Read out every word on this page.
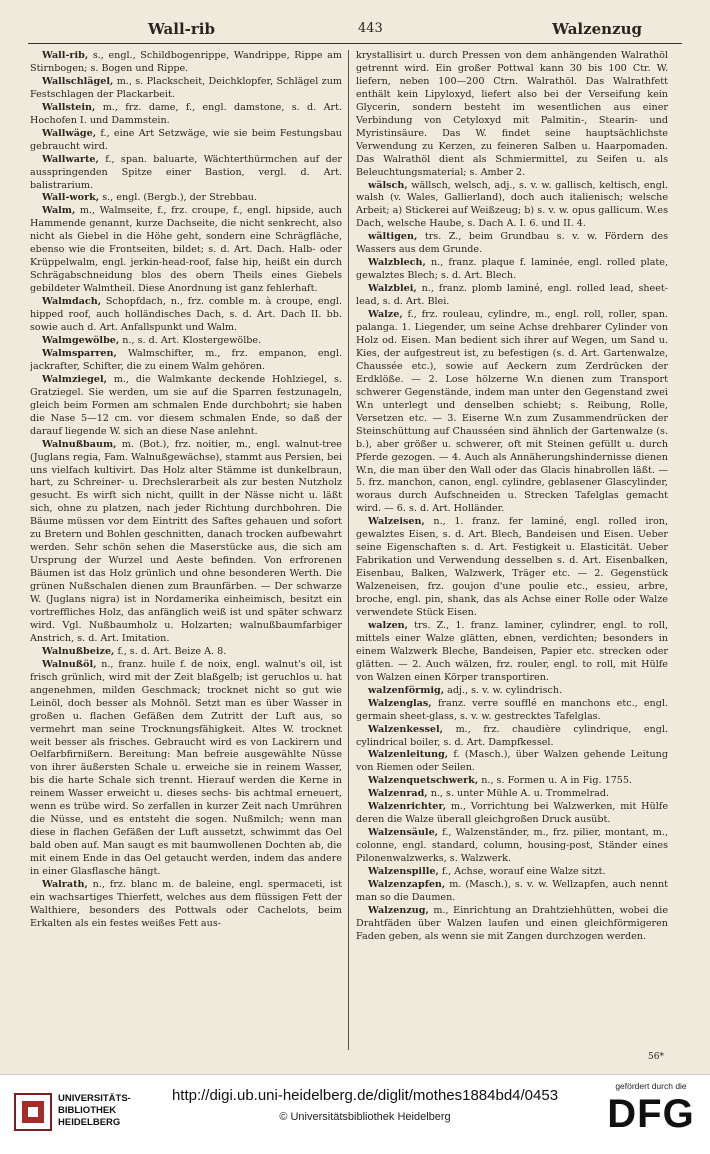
Wall-rib	443	Walzenzug

Wall-rib, s., engl., Schildbogenrippe, Wandrippe, Rippe am Stirnbogen; s. Bogen und Rippe.

Wallschlägel, m., s. Plackscheit, Deichklopfer, Schlägel zum Festschlagen der Plackarbeit.

Wallstein, m., frz. dame, f., engl. damstone, s. d. Art. Hochofen I. und Dammstein.

Wallwäge, f., eine Art Setzwäge, wie sie beim Festungsbau gebraucht wird.

Wallwarte, f., span. baluarte, Wächterthürmchen auf der ausspringenden Spitze einer Bastion, vergl. d. Art. balistrarium.

Wall-work, s., engl. (Bergb.), der Strebbau.

Walm, m., Walmseite, f., frz. croupe, f., engl. hipside, auch Hammende genannt, kurze Dachseite, die nicht senkrecht, also nicht als Giebel in die Höhe geht, sondern eine Schrägfläche, ebenso wie die Frontseiten, bildet; s. d. Art. Dach. Halb- oder Krüppelwalm, engl. jerkin-head-roof, false hip, heißt ein durch Schrägabschneidung blos des obern Theils eines Giebels gebildeter Walmtheil. Diese Anordnung ist ganz fehlerhaft.

Walmdach, Schopfdach, n., frz. comble m. à croupe, engl. hipped roof, auch holländisches Dach, s. d. Art. Dach II. bb. sowie auch d. Art. Anfallspunkt und Walm.

Walmgewölbe, n., s. d. Art. Klostergewölbe.

Walmsparren, Walmschifter, m., frz. empanon, engl. jackrafter, Schifter, die zu einem Walm gehören.

Walmziegel, m., die Walmkante deckende Hohlziegel, s. Gratziegel. Sie werden, um sie auf die Sparren festzunageln, gleich beim Formen am schmalen Ende durchbohrt; sie haben die Nase 5—12 cm. vor diesem schmalen Ende, so daß der darauf liegende W. sich an diese Nase anlehnt.

Walnußbaum, m. (Bot.), frz. noitier, m., engl. walnut-tree (Juglans regia, Fam. Walnußgewächse), stammt aus Persien, bei uns vielfach kultivirt. Das Holz alter Stämme ist dunkelbraun, hart, zu Schreiner- u. Drechslerarbeit als zur besten Nutzholz gesucht. Es wirft sich nicht, quillt in der Nässe nicht u. läßt sich, ohne zu platzen, nach jeder Richtung durchbohren. Die Bäume müssen vor dem Eintritt des Saftes gehauen und sofort zu Bretern und Bohlen geschnitten, danach trocken aufbewahrt werden. Sehr schön sehen die Maserstücke aus, die sich am Ursprung der Wurzel und Aeste befinden. Von erfrorenen Bäumen ist das Holz grünlich und ohne besonderen Werth. Die grünen Nußschalen dienen zum Braunfärben. — Der schwarze W. (Juglans nigra) ist in Nordamerika einheimisch, besitzt ein vortreffliches Holz, das anfänglich weiß ist und später schwarz wird. Vgl. Nußbaumholz u. Holzarten; walnußbaumfarbiger Anstrich, s. d. Art. Imitation.

Walnußbeize, f., s. d. Art. Beize A. 8.

Walnußöl, n., franz. huile f. de noix, engl. walnut's oil, ist frisch grünlich, wird mit der Zeit blaßgelb; ist geruchlos u. hat angenehmen, milden Geschmack; trocknet nicht so gut wie Leinöl, doch besser als Mohnöl. Setzt man es über Wasser in großen u. flachen Gefäßen dem Zutritt der Luft aus, so vermehrt man seine Trocknungsfähigkeit. Altes W. trocknet weit besser als frisches. Gebraucht wird es von Lackirern und Oelfarbfirnißern. Bereitung: Man befreie ausgewählte Nüsse von ihrer äußersten Schale u. erweiche sie in reinem Wasser, bis die harte Schale sich trennt. Hierauf werden die Kerne in reinem Wasser erweicht u. dieses sechs- bis achtmal erneuert, wenn es trübe wird. So zerfallen in kurzer Zeit nach Umrühren die Nüsse, und es entsteht die sogen. Nußmilch; wenn man diese in flachen Gefäßen der Luft aussetzt, schwimmt das Oel bald oben auf. Man saugt es mit baumwollenen Dochten ab, die mit einem Ende in das Oel getaucht werden, indem das andere in einer Glasflasche hängt.

Walrath, n., frz. blanc m. de baleine, engl. spermaceti, ist ein wachsartiges Thierfett, welches aus dem flüssigen Fett der Walthiere, besonders des Pottwals oder Cachelots, beim Erkalten als ein festes weißes Fett aus-

krystallisirt u. durch Pressen von dem anhängenden Walrathöl getrennt wird. Ein großer Pottwal kann 30 bis 100 Ctr. W. liefern, neben 100—200 Ctrn. Walrathöl. Das Walrathfett enthält kein Lipyloxyd, liefert also bei der Verseifung kein Glycerin, sondern besteht im wesentlichen aus einer Verbindung von Cetyloxyd mit Palmitin-, Stearin- und Myristinsäure. Das W. findet seine hauptsächlichste Verwendung zu Kerzen, zu feineren Salben u. Haarpomaden. Das Walrathöl dient als Schmiermittel, zu Seifen u. als Beleuchtungsmaterial; s. Amber 2.

wälsch, wällsch, welsch, adj., s. v. w. gallisch, keltisch, engl. walsh (v. Wales, Gallierland), doch auch italienisch; welsche Arbeit; a) Stickerei auf Weißzeug; b) s. v. w. opus gallicum. W.es Dach, welsche Haube, s. Dach A. I. 6. und II. 4.

wältigen, trs. Z., beim Grundbau s. v. w. Fördern des Wassers aus dem Grunde.

Walzblech, n., franz. plaque f. laminée, engl. rolled plate, gewalztes Blech; s. d. Art. Blech.

Walzblei, n., franz. plomb laminé, engl. rolled lead, sheet-lead, s. d. Art. Blei.

Walze, f., frz. rouleau, cylindre, m., engl. roll, roller, span. palanga. 1. Liegender, um seine Achse drehbarer Cylinder von Holz od. Eisen. Man bedient sich ihrer auf Wegen, um Sand u. Kies, der aufgestreut ist, zu befestigen (s. d. Art. Gartenwalze, Chaussée etc.), sowie auf Aeckern zum Zerdrücken der Erdklöße. — 2. Lose hölzerne W.n dienen zum Transport schwerer Gegenstände, indem man unter den Gegenstand zwei W.n unterlegt und denselben schiebt; s. Reibung, Rolle, Versetzen etc. — 3. Eiserne W.n zum Zusammendrücken der Steinschüttung auf Chausséen sind ähnlich der Gartenwalze (s. b.), aber größer u. schwerer, oft mit Steinen gefüllt u. durch Pferde gezogen. — 4. Auch als Annäherungshindernisse dienen W.n, die man über den Wall oder das Glacis hinabrollen läßt. — 5. frz. manchon, canon, engl. cylindre, geblasener Glascylinder, woraus durch Aufschneiden u. Strecken Tafelglas gemacht wird. — 6. s. d. Art. Holländer.

Walzeisen, n., 1. franz. fer laminé, engl. rolled iron, gewalztes Eisen, s. d. Art. Blech, Bandeisen und Eisen. Ueber seine Eigenschaften s. d. Art. Festigkeit u. Elasticität. Ueber Fabrikation und Verwendung desselben s. d. Art. Eisenbalken, Eisenbau, Balken, Walzwerk, Träger etc. — 2. Gegenstück Walzeneisen, frz. goujon d'une poulie etc., essieu, arbre, broche, engl. pin, shank, das als Achse einer Rolle oder Walze verwendete Stück Eisen.

walzen, trs. Z., 1. franz. laminer, cylindrer, engl. to roll, mittels einer Walze glätten, ebnen, verdichten; besonders in einem Walzwerk Bleche, Bandeisen, Papier etc. strecken oder glätten. — 2. Auch wälzen, frz. rouler, engl. to roll, mit Hülfe von Walzen einen Körper transportiren.

walzenförmig, adj., s. v. w. cylindrisch.

Walzenglas, franz. verre soufflé en manchons etc., engl. germain sheet-glass, s. v. w. gestrecktes Tafelglas.

Walzenkessel, m., frz. chaudière cylindrique, engl. cylindrical boiler, s. d. Art. Dampfkessel.

Walzenleitung, f. (Masch.), über Walzen gehende Leitung von Riemen oder Seilen.

Walzenquetschwerk, n., s. Formen u. A in Fig. 1755.

Walzenrad, n., s. unter Mühle A. u. Trommelrad.

Walzenrichter, m., Vorrichtung bei Walzwerken, mit Hülfe deren die Walze überall gleichgroßen Druck ausübt.

Walzensäule, f., Walzenständer, m., frz. pilier, montant, m., colonne, engl. standard, column, housing-post, Ständer eines Pilonenwalzwerks, s. Walzwerk.

Walzenspille, f., Achse, worauf eine Walze sitzt.

Walzenzapfen, m. (Masch.), s. v. w. Wellzapfen, auch nennt man so die Daumen.

Walzenzug, m., Einrichtung an Drahtziehhütten, wobei die Drahtfäden über Walzen laufen und einen gleichförmigeren Faden geben, als wenn sie mit Zangen durchzogen werden.

56*
UNIVERSITÄTS-
BIBLIOTHEK
HEIDELBERG
http://digi.ub.uni-heidelberg.de/diglit/mothes1884bd4/0453
© Universitätsbibliothek Heidelberg
gefördert durch die
DFG
